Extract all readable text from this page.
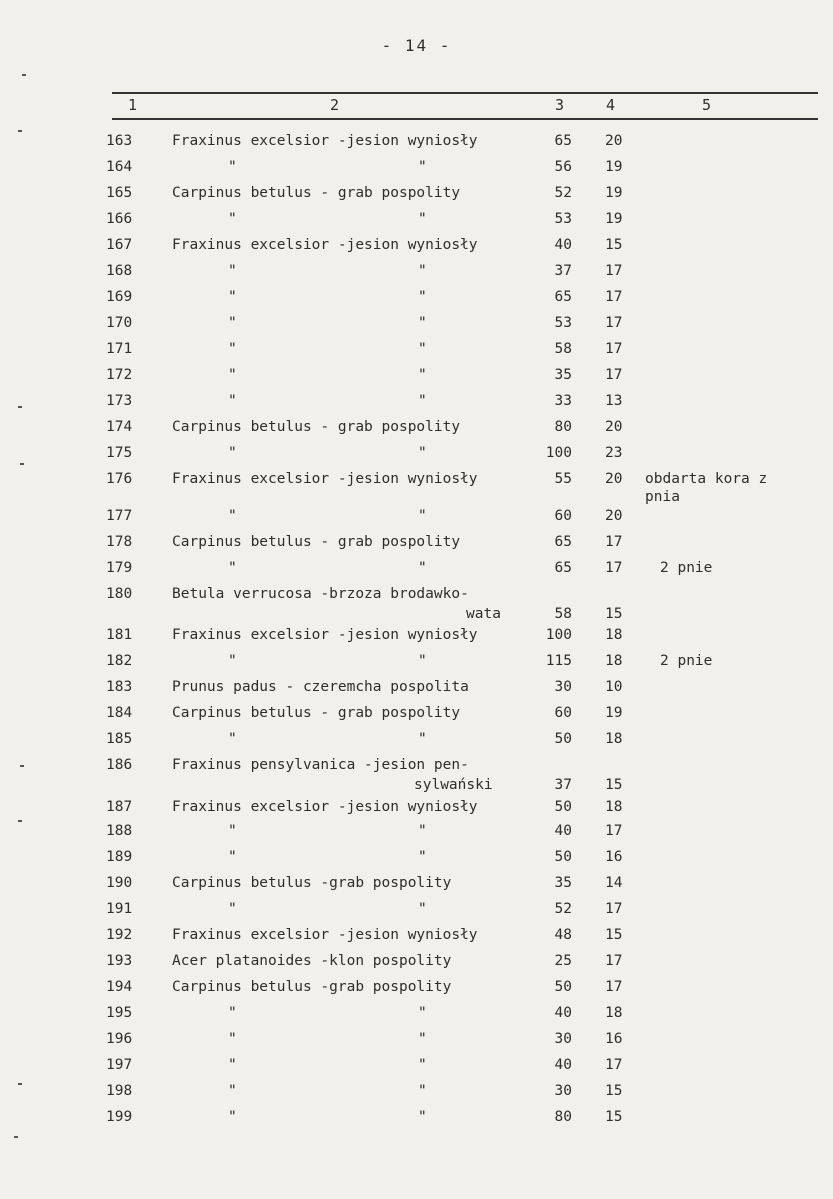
- 14 -
1	2	3	4	5
163	Fraxinus excelsior -jesion wyniosły	65 20
164	"	"	56 19
165	Carpinus betulus - grab pospolity	52 19
166	"	"	53 19
167	Fraxinus excelsior -jesion wyniosły	40 15
168	"	"	37 17
169	"	"	65 17
170	"	"	53 17
171	"	"	58 17
172	"	"	35 17
173	"	"	33 13
174	Carpinus betulus - grab pospolity	80 20
175	"	"	100 23
176	Fraxinus excelsior -jesion wyniosły	55 20 obdarta kora z
pnia
177	"	"	60 20
178	Carpinus betulus - grab pospolity	65 17
179	"	"	65 17	2 pnie
180	Betula verrucosa -brzoza brodawko-
wata	58 15
181	Fraxinus excelsior -jesion wyniosły	100 18
182	"	"	115 18	2 pnie
183	Prunus padus - czeremcha pospolita	30 10
184	Carpinus betulus - grab pospolity	60 19
185	"	"	50 18
186	Fraxinus pensylvanica -jesion pen-
sylwański	37 15
187	Fraxinus excelsior -jesion wyniosły	50 18
188	"	"	40 17
189	"	"	50 16
190	Carpinus betulus -grab pospolity	35 14
191	"	"	52 17
192	Fraxinus excelsior -jesion wyniosły	48 15
193	Acer platanoides -klon pospolity	25 17
194	Carpinus betulus -grab pospolity	50 17
195	"	"	40 18
196	"	"	30 16
197	"	"	40 17
198	"	"	30 15
199	"	"	80 15
